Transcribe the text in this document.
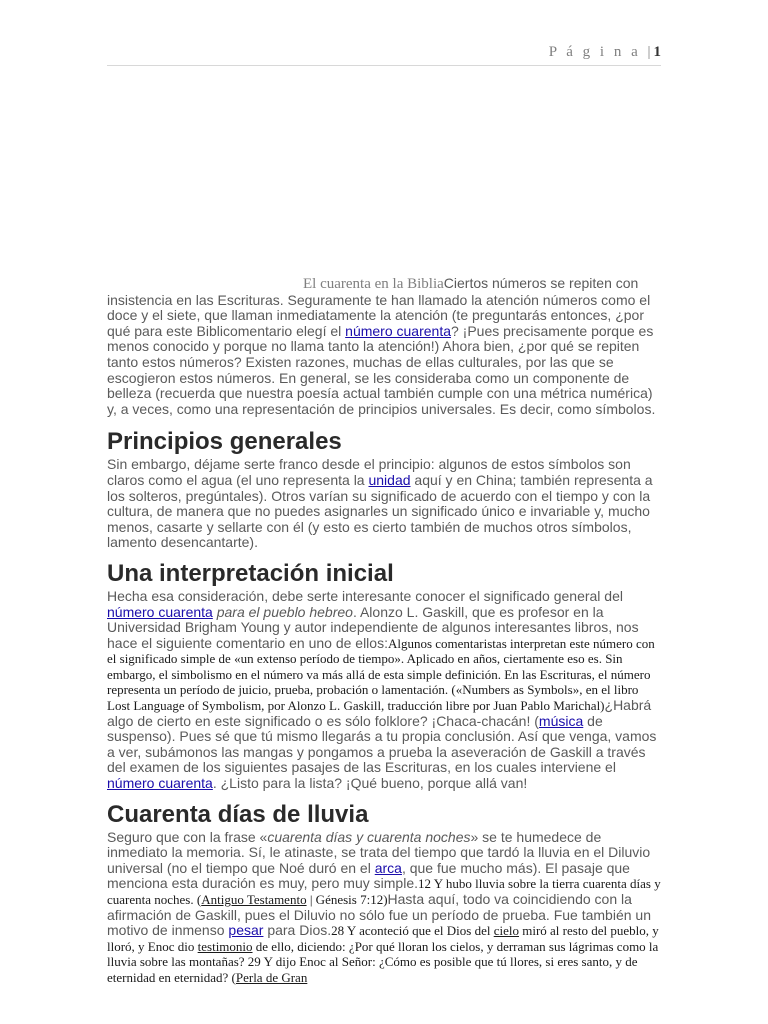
P á g i n a |1

El cuarenta en la BibliaCiertos números se repiten con insistencia en las Escrituras. Seguramente te han llamado la atención números como el doce y el siete, que llaman inmediatamente la atención (te preguntarás entonces, ¿por qué para este Biblicomentario elegí el número cuarenta? ¡Pues precisamente porque es menos conocido y porque no llama tanto la atención!) Ahora bien, ¿por qué se repiten tanto estos números? Existen razones, muchas de ellas culturales, por las que se escogieron estos números. En general, se les consideraba como un componente de belleza (recuerda que nuestra poesía actual también cumple con una métrica numérica) y, a veces, como una representación de principios universales. Es decir, como símbolos.

Principios generales

Sin embargo, déjame serte franco desde el principio: algunos de estos símbolos son claros como el agua (el uno representa la unidad aquí y en China; también representa a los solteros, pregúntales). Otros varían su significado de acuerdo con el tiempo y con la cultura, de manera que no puedes asignarles un significado único e invariable y, mucho menos, casarte y sellarte con él (y esto es cierto también de muchos otros símbolos, lamento desencantarte).

Una interpretación inicial

Hecha esa consideración, debe serte interesante conocer el significado general del número cuarenta para el pueblo hebreo. Alonzo L. Gaskill, que es profesor en la Universidad Brigham Young y autor independiente de algunos interesantes libros, nos hace el siguiente comentario en uno de ellos:Algunos comentaristas interpretan este número con el significado simple de «un extenso período de tiempo». Aplicado en años, ciertamente eso es. Sin embargo, el simbolismo en el número va más allá de esta simple definición. En las Escrituras, el número representa un período de juicio, prueba, probación o lamentación. («Numbers as Symbols», en el libro Lost Language of Symbolism, por Alonzo L. Gaskill, traducción libre por Juan Pablo Marichal)¿Habrá algo de cierto en este significado o es sólo folklore? ¡Chaca-chacán! (música de suspenso). Pues sé que tú mismo llegarás a tu propia conclusión. Así que venga, vamos a ver, subámonos las mangas y pongamos a prueba la aseveración de Gaskill a través del examen de los siguientes pasajes de las Escrituras, en los cuales interviene el número cuarenta. ¿Listo para la lista? ¡Qué bueno, porque allá van!

Cuarenta días de lluvia

Seguro que con la frase «cuarenta días y cuarenta noches» se te humedece de inmediato la memoria. Sí, le atinaste, se trata del tiempo que tardó la lluvia en el Diluvio universal (no el tiempo que Noé duró en el arca, que fue mucho más). El pasaje que menciona esta duración es muy, pero muy simple.12 Y hubo lluvia sobre la tierra cuarenta días y cuarenta noches. (Antiguo Testamento | Génesis 7:12)Hasta aquí, todo va coincidiendo con la afirmación de Gaskill, pues el Diluvio no sólo fue un período de prueba. Fue también un motivo de inmenso pesar para Dios.28 Y aconteció que el Dios del cielo miró al resto del pueblo, y lloró, y Enoc dio testimonio de ello, diciendo: ¿Por qué lloran los cielos, y derraman sus lágrimas como la lluvia sobre las montañas? 29 Y dijo Enoc al Señor: ¿Cómo es posible que tú llores, si eres santo, y de eternidad en eternidad? (Perla de Gran
